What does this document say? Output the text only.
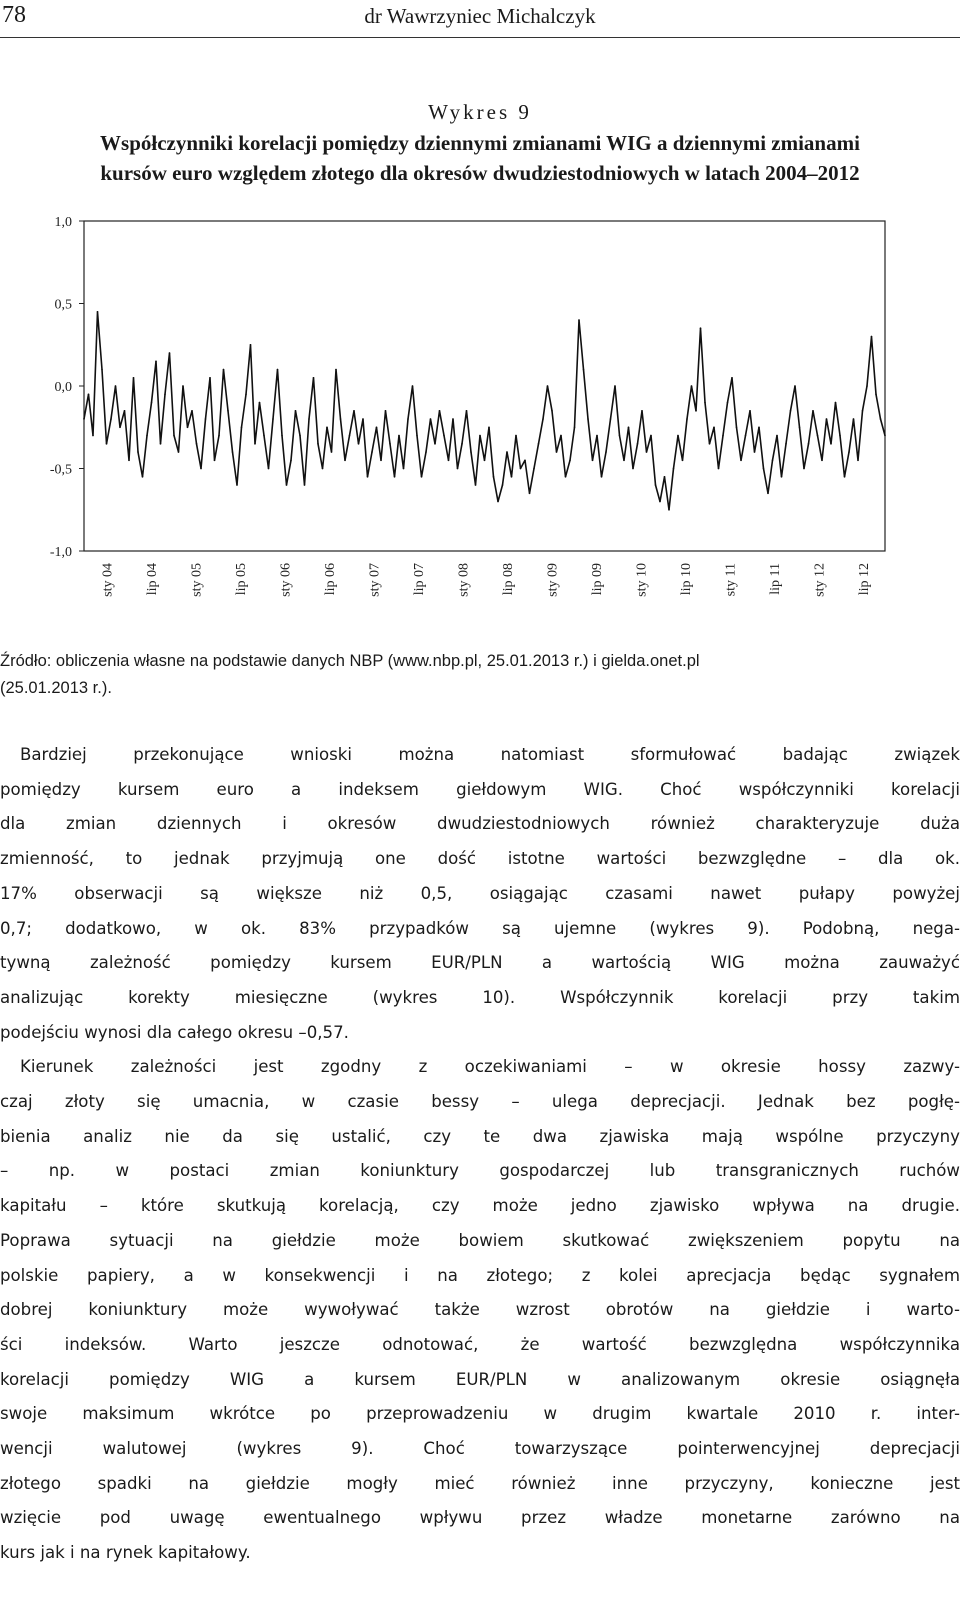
78	dr Wawrzyniec Michalczyk
Wykres 9
Współczynniki korelacji pomiędzy dziennymi zmianami WIG a dziennymi zmianami
kursów euro względem złotego dla okresów dwudziestodniowych w latach 2004–2012
1,0
0,5
0,0
-0,5
-1,0
sty 04 lip 04 sty 05 lip 05 sty 06 lip 06 sty 07 lip 07 sty 08 lip 08 sty 09 lip 09 sty 10 lip 10 sty 11 lip 11 sty 12 lip 12
Źródło: obliczenia własne na podstawie danych NBP (www.nbp.pl, 25.01.2013 r.) i gielda.onet.pl
(25.01.2013 r.).
Bardziej przekonujące wnioski można natomiast sformułować badając związek
pomiędzy kursem euro a indeksem giełdowym WIG. Choć współczynniki korelacji
dla zmian dziennych i okresów dwudziestodniowych również charakteryzuje duża
zmienność, to jednak przyjmują one dość istotne wartości bezwzględne – dla ok.
17% obserwacji są większe niż 0,5, osiągając czasami nawet pułapy powyżej
0,7; dodatkowo, w ok. 83% przypadków są ujemne (wykres 9). Podobną, nega-
tywną zależność pomiędzy kursem EUR/PLN a wartością WIG można zauważyć
analizując korekty miesięczne (wykres 10). Współczynnik korelacji przy takim
podejściu wynosi dla całego okresu –0,57.
Kierunek zależności jest zgodny z oczekiwaniami – w okresie hossy zazwy-
czaj złoty się umacnia, w czasie bessy – ulega deprecjacji. Jednak bez pogłę-
bienia analiz nie da się ustalić, czy te dwa zjawiska mają wspólne przyczyny
– np. w postaci zmian koniunktury gospodarczej lub transgranicznych ruchów
kapitału – które skutkują korelacją, czy może jedno zjawisko wpływa na drugie.
Poprawa sytuacji na giełdzie może bowiem skutkować zwiększeniem popytu na
polskie papiery, a w konsekwencji i na złotego; z kolei aprecjacja będąc sygnałem
dobrej koniunktury może wywoływać także wzrost obrotów na giełdzie i warto-
ści indeksów. Warto jeszcze odnotować, że wartość bezwzględna współczynnika
korelacji pomiędzy WIG a kursem EUR/PLN w analizowanym okresie osiągnęła
swoje maksimum wkrótce po przeprowadzeniu w drugim kwartale 2010 r. inter-
wencji walutowej (wykres 9). Choć towarzyszące pointerwencyjnej deprecjacji
złotego spadki na giełdzie mogły mieć również inne przyczyny, konieczne jest
wzięcie pod uwagę ewentualnego wpływu przez władze monetarne zarówno na
kurs jak i na rynek kapitałowy.
